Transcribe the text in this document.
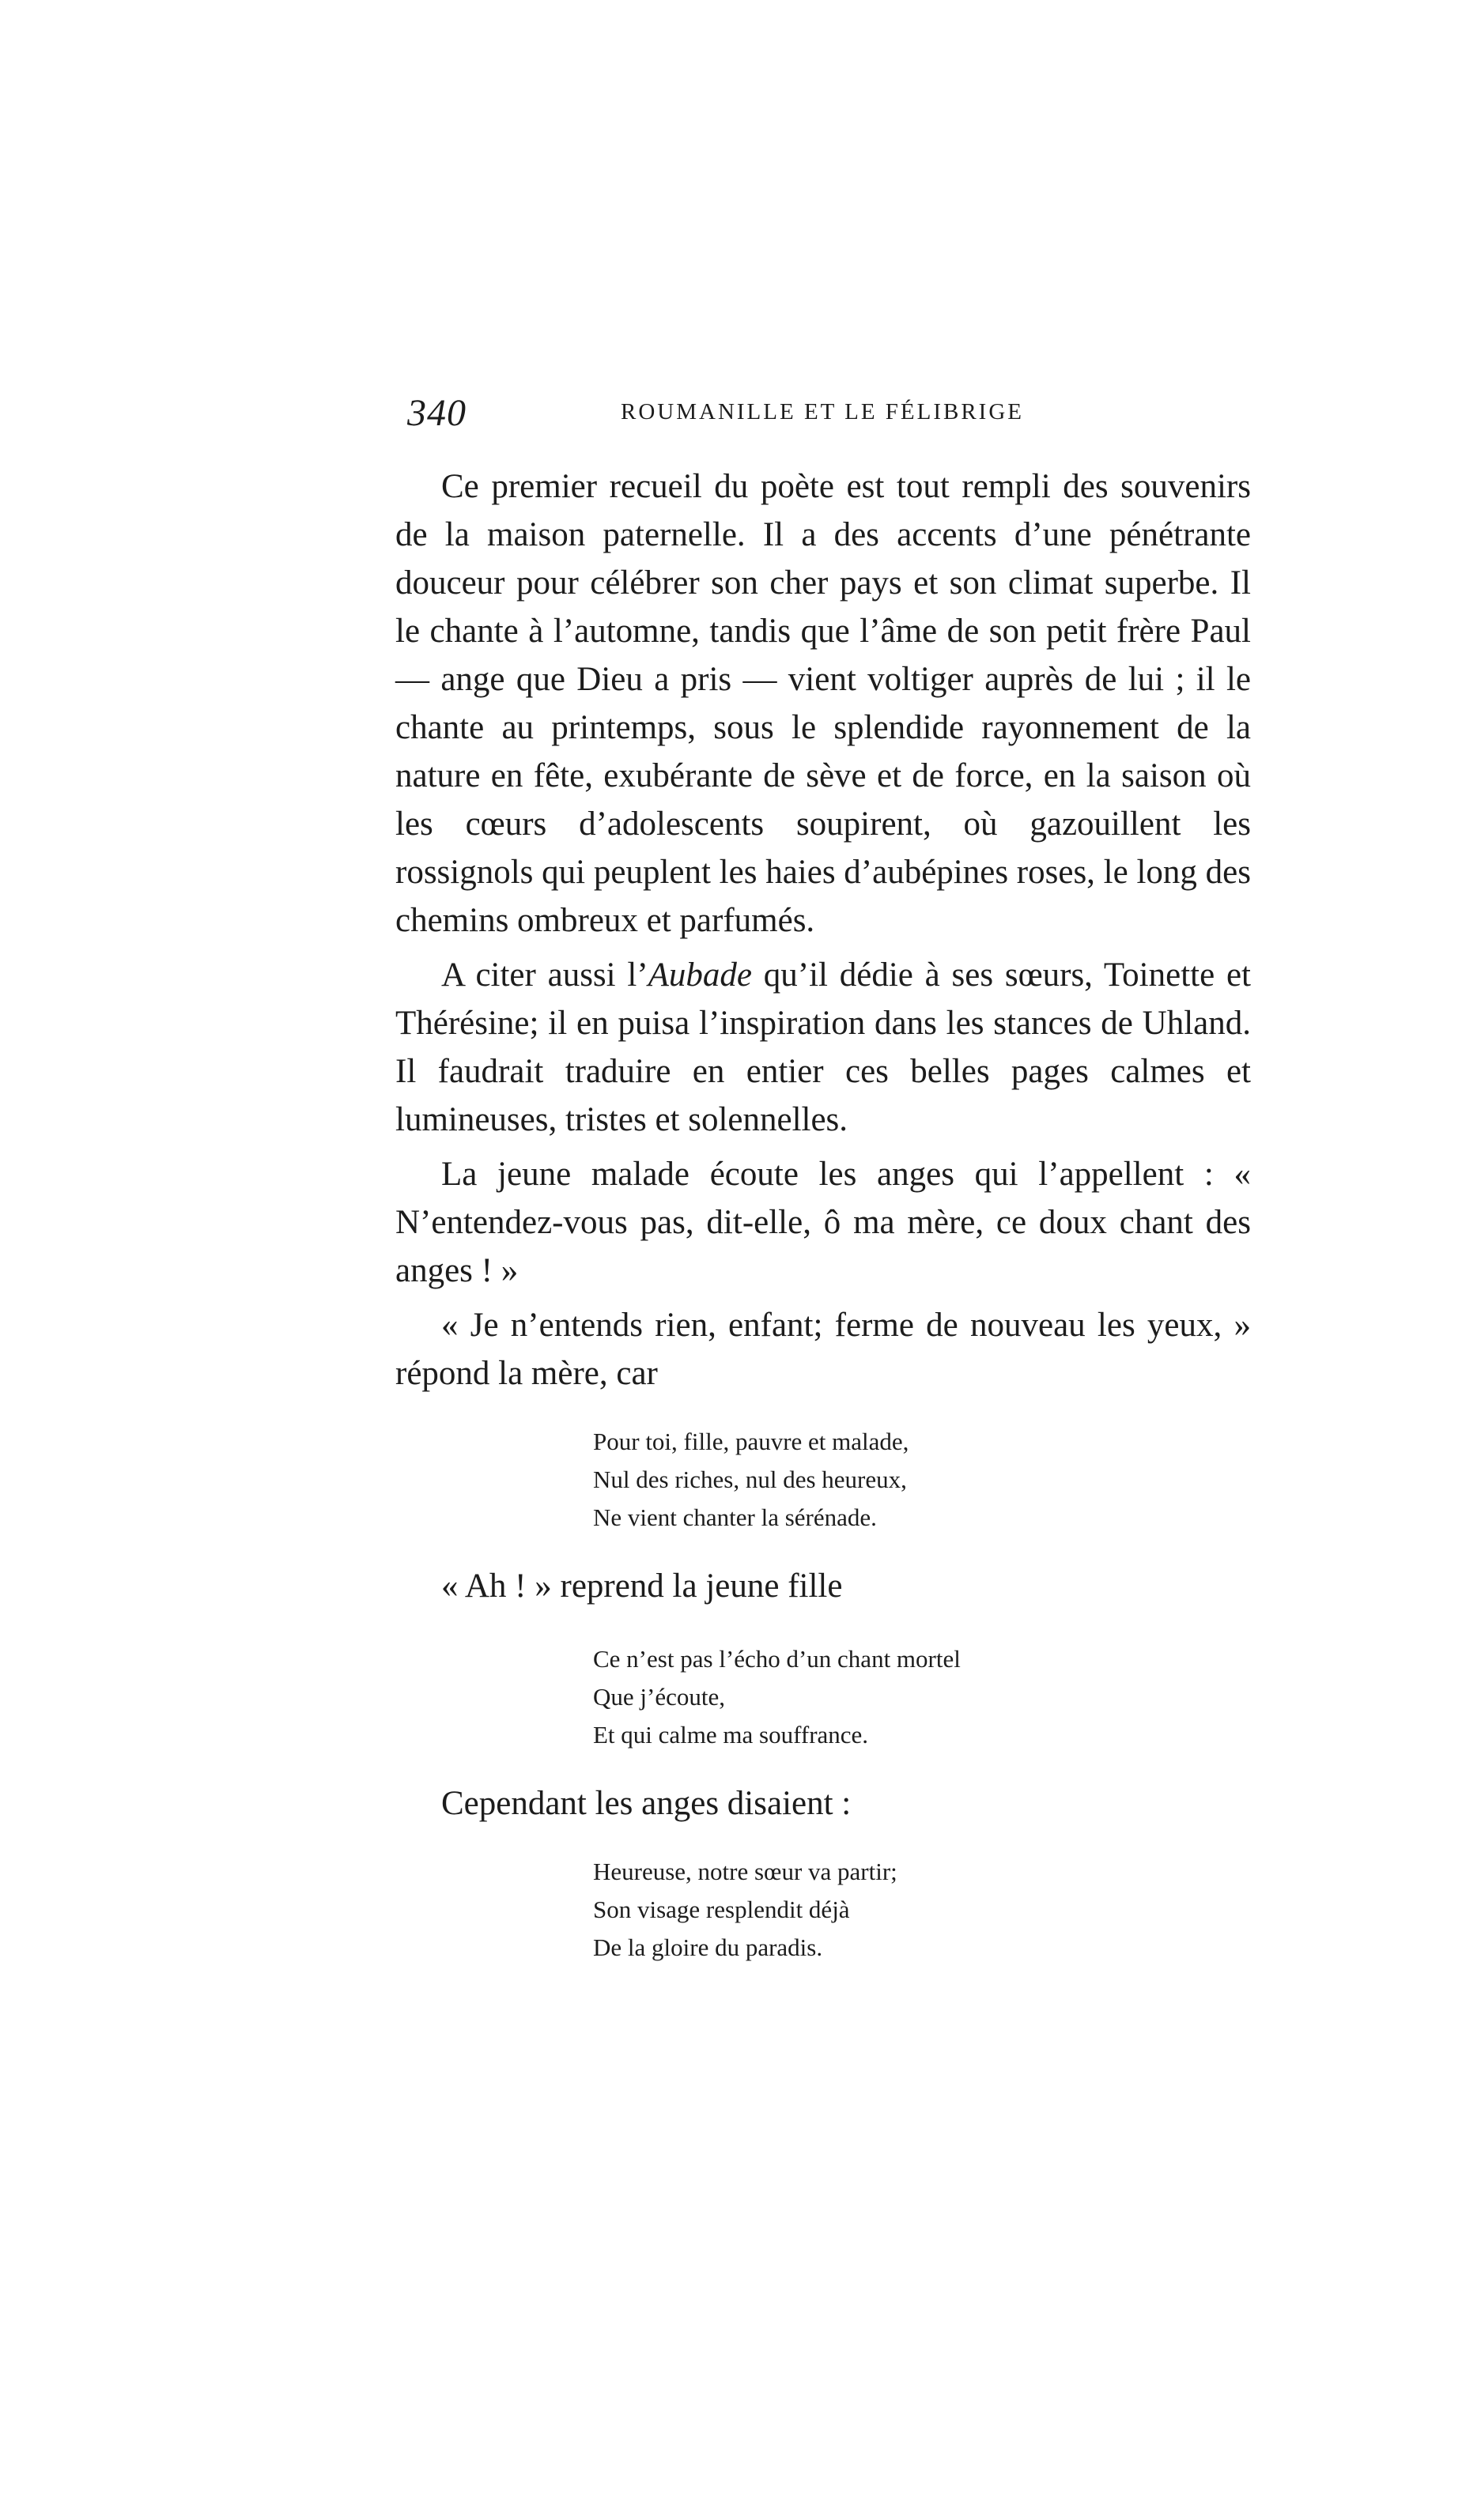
340	ROUMANILLE ET LE FÉLIBRIGE

Ce premier recueil du poète est tout rempli des souvenirs de la maison paternelle. Il a des accents d’une pénétrante douceur pour célébrer son cher pays et son climat superbe. Il le chante à l’automne, tandis que l’âme de son petit frère Paul — ange que Dieu a pris — vient voltiger auprès de lui ; il le chante au printemps, sous le splendide rayonnement de la nature en fête, exubérante de sève et de force, en la saison où les cœurs d’adolescents soupirent, où gazouillent les rossignols qui peuplent les haies d’aubépines roses, le long des chemins ombreux et parfumés.

A citer aussi l’Aubade qu’il dédie à ses sœurs, Toinette et Thérésine; il en puisa l’inspiration dans les stances de Uhland. Il faudrait traduire en entier ces belles pages calmes et lumineuses, tristes et solennelles.

La jeune malade écoute les anges qui l’appellent : « N’entendez-vous pas, dit-elle, ô ma mère, ce doux chant des anges ! »

« Je n’entends rien, enfant; ferme de nouveau les yeux, » répond la mère, car

Pour toi, fille, pauvre et malade,
Nul des riches, nul des heureux,
Ne vient chanter la sérénade.

« Ah ! » reprend la jeune fille

Ce n’est pas l’écho d’un chant mortel
Que j’écoute,
Et qui calme ma souffrance.

Cependant les anges disaient :

Heureuse, notre sœur va partir;
Son visage resplendit déjà
De la gloire du paradis.
